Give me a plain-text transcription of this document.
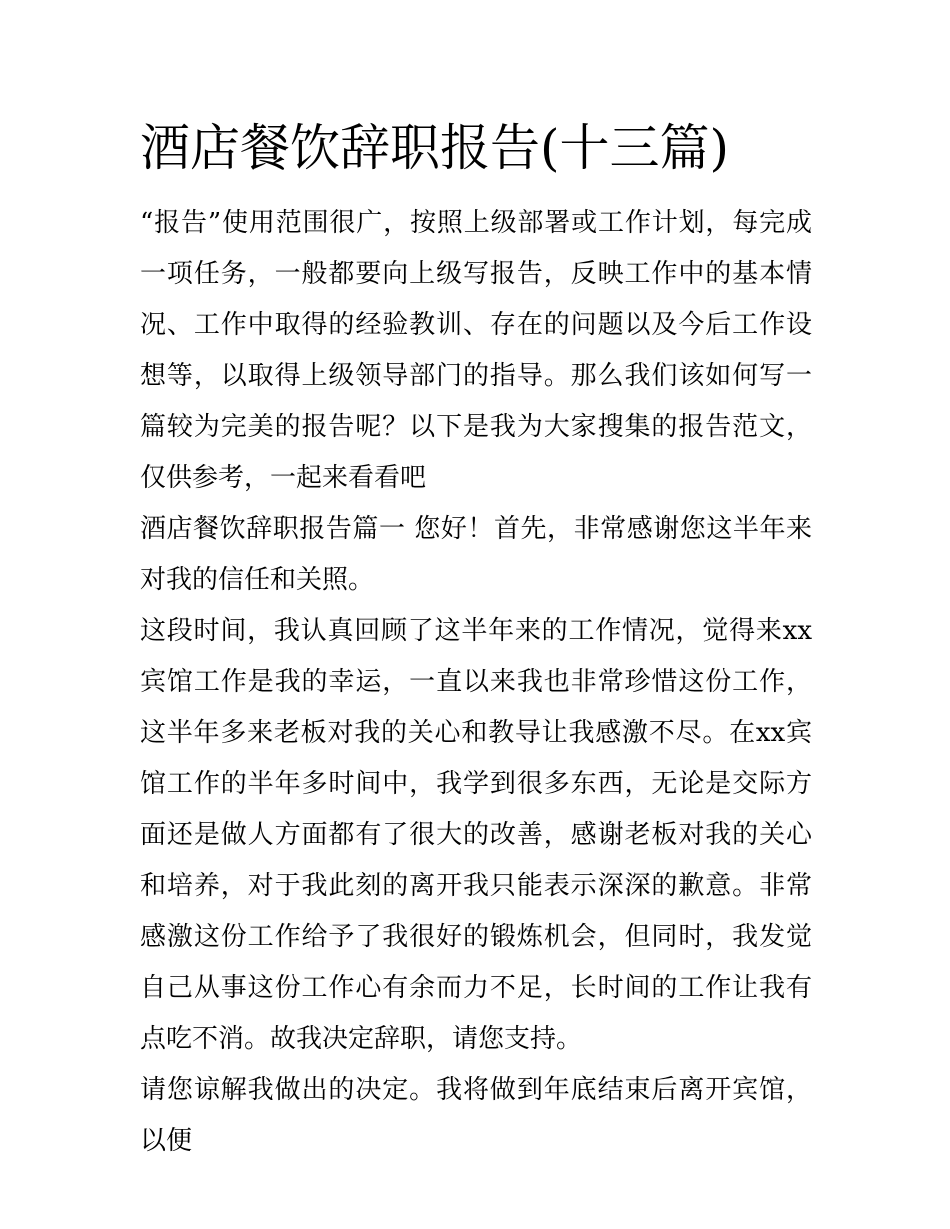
酒店餐饮辞职报告(十三篇)

“报告”使用范围很广，按照上级部署或工作计划，每完成一项任务，一般都要向上级写报告，反映工作中的基本情况、工作中取得的经验教训、存在的问题以及今后工作设想等，以取得上级领导部门的指导。那么我们该如何写一篇较为完美的报告呢？以下是我为大家搜集的报告范文，仅供参考，一起来看看吧

酒店餐饮辞职报告篇一 您好！首先，非常感谢您这半年来对我的信任和关照。

这段时间，我认真回顾了这半年来的工作情况，觉得来xx宾馆工作是我的幸运，一直以来我也非常珍惜这份工作，这半年多来老板对我的关心和教导让我感激不尽。在xx宾馆工作的半年多时间中，我学到很多东西，无论是交际方面还是做人方面都有了很大的改善，感谢老板对我的关心和培养，对于我此刻的离开我只能表示深深的歉意。非常感激这份工作给予了我很好的锻炼机会，但同时，我发觉自己从事这份工作心有余而力不足，长时间的工作让我有点吃不消。故我决定辞职，请您支持。

请您谅解我做出的决定。我将做到年底结束后离开宾馆，以便
